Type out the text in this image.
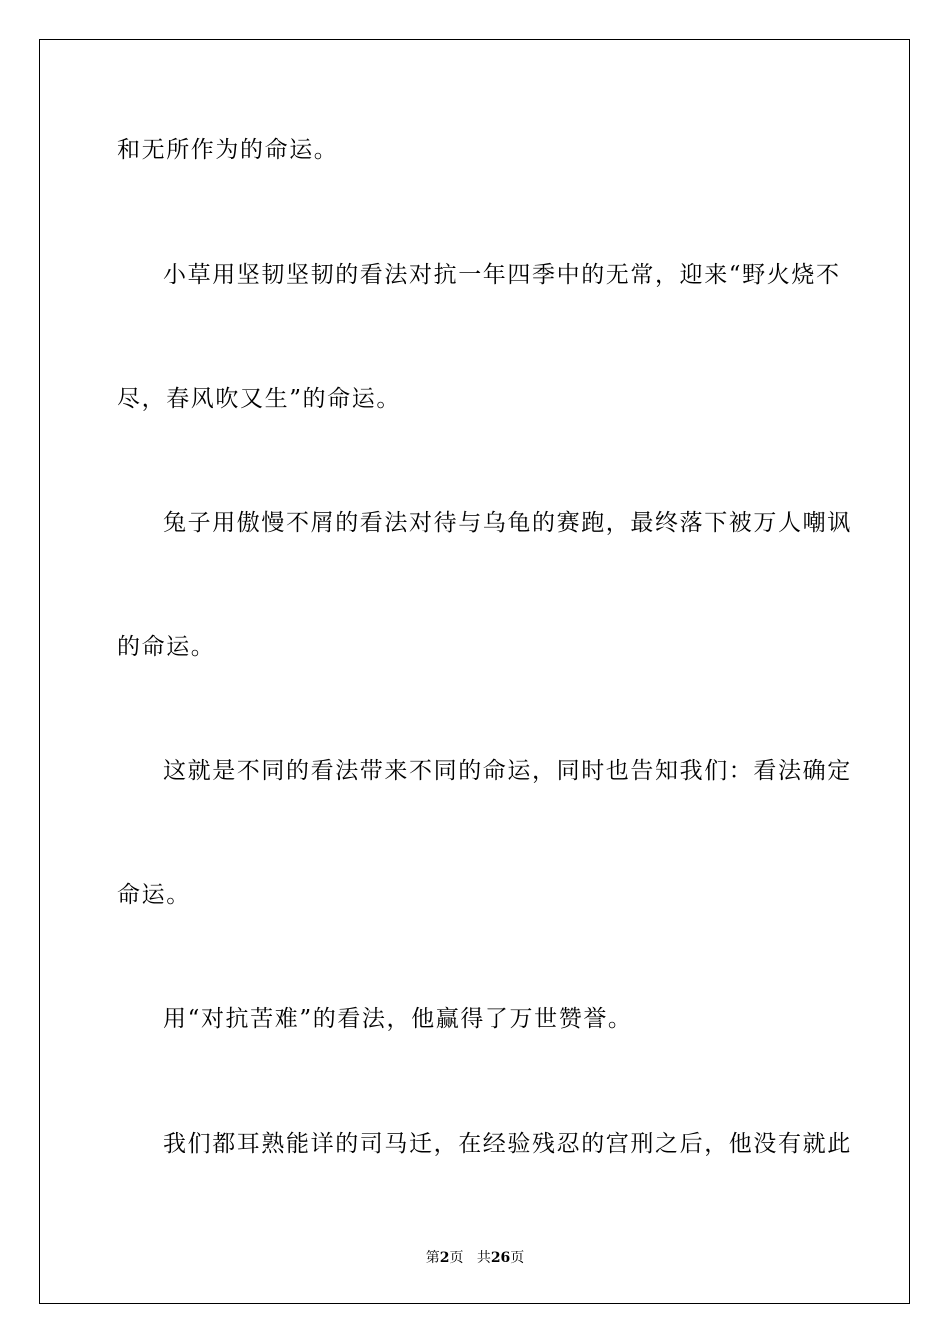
和无所作为的命运。
小草用坚韧坚韧的看法对抗一年四季中的无常，迎来“野火烧不
尽，春风吹又生”的命运。
兔子用傲慢不屑的看法对待与乌龟的赛跑，最终落下被万人嘲讽
的命运。
这就是不同的看法带来不同的命运，同时也告知我们：看法确定
命运。
用“对抗苦难”的看法，他赢得了万世赞誉。
我们都耳熟能详的司马迁，在经验残忍的宫刑之后，他没有就此
第2页 共26页
